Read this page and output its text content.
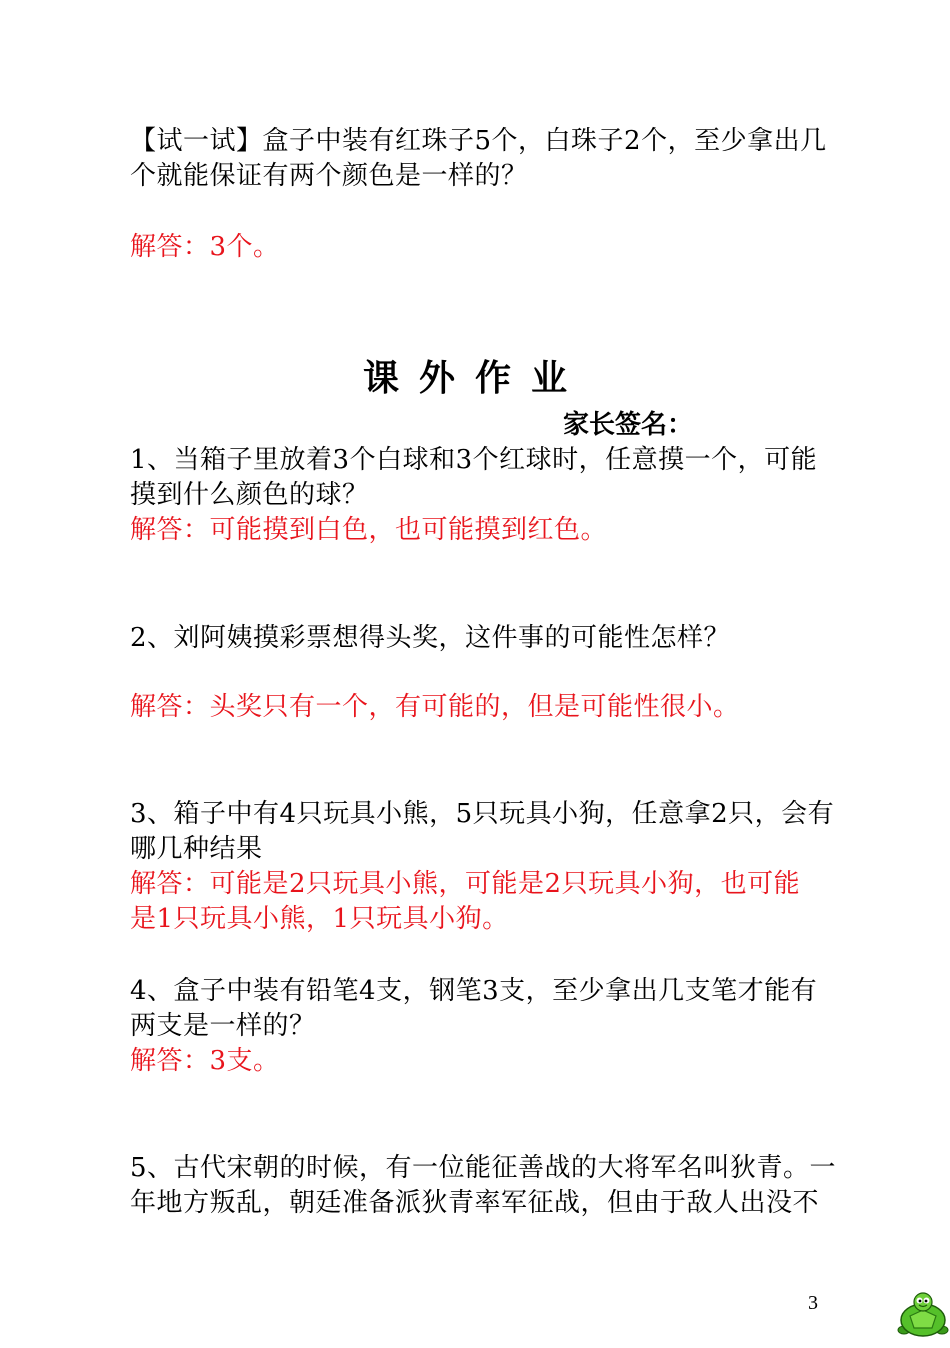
【试一试】盒子中装有红珠子5个，白珠子2个，至少拿出几
个就能保证有两个颜色是一样的？
解答：3个。
课外作业
家长签名：
1、当箱子里放着3个白球和3个红球时，任意摸一个，可能
摸到什么颜色的球？
解答：可能摸到白色，也可能摸到红色。
2、刘阿姨摸彩票想得头奖，这件事的可能性怎样？
解答：头奖只有一个，有可能的，但是可能性很小。
3、箱子中有4只玩具小熊，5只玩具小狗，任意拿2只，会有
哪几种结果
解答：可能是2只玩具小熊，可能是2只玩具小狗，也可能
是1只玩具小熊，1只玩具小狗。
4、盒子中装有铅笔4支，钢笔3支，至少拿出几支笔才能有
两支是一样的？
解答：3支。
5、古代宋朝的时候，有一位能征善战的大将军名叫狄青。一
年地方叛乱，朝廷准备派狄青率军征战，但由于敌人出没不
3
